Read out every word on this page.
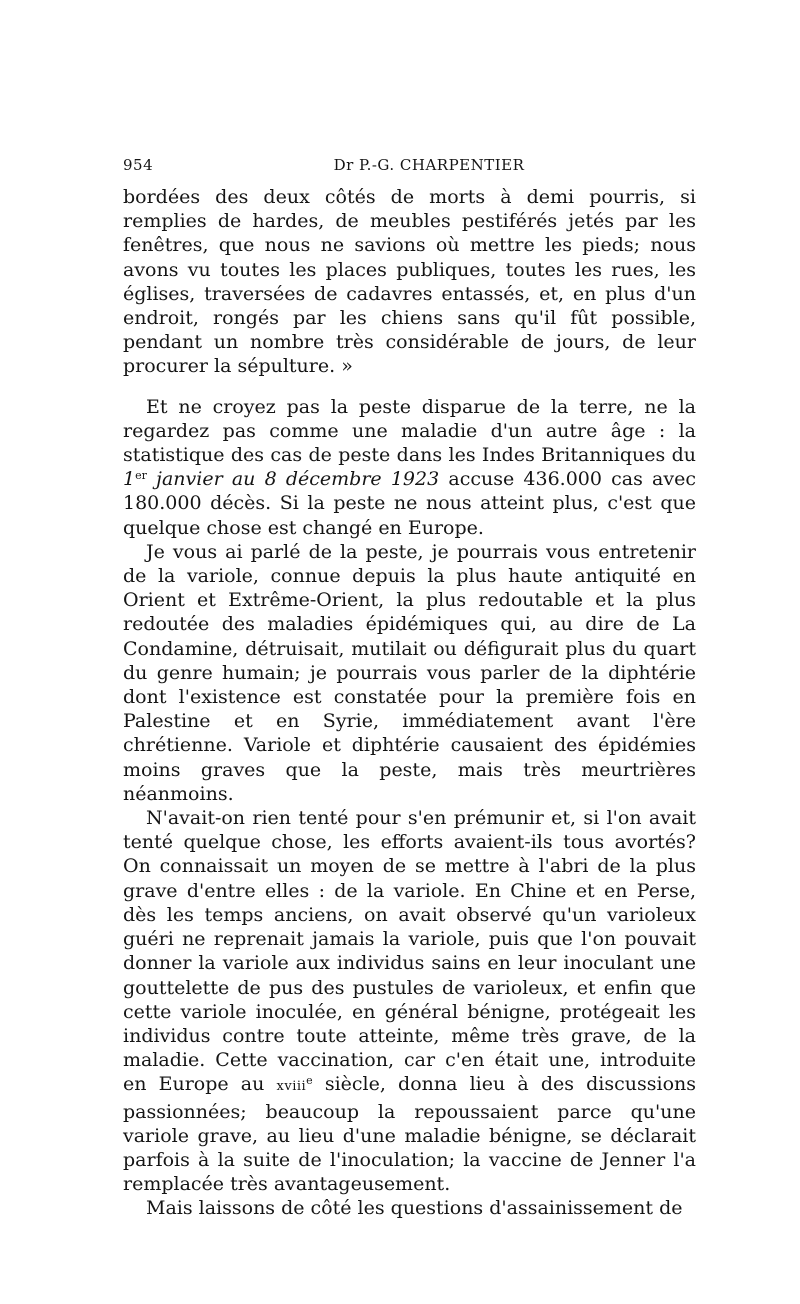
954	Dr P.-G. CHARPENTIER

bordées des deux côtés de morts à demi pourris, si remplies de hardes, de meubles pestiférés jetés par les fenêtres, que nous ne savions où mettre les pieds; nous avons vu toutes les places publiques, toutes les rues, les églises, traversées de cadavres entassés, et, en plus d'un endroit, rongés par les chiens sans qu'il fût possible, pendant un nombre très considérable de jours, de leur procurer la sépulture. »

Et ne croyez pas la peste disparue de la terre, ne la regardez pas comme une maladie d'un autre âge : la statistique des cas de peste dans les Indes Britanniques du 1er janvier au 8 décembre 1923 accuse 436.000 cas avec 180.000 décès. Si la peste ne nous atteint plus, c'est que quelque chose est changé en Europe.

Je vous ai parlé de la peste, je pourrais vous entretenir de la variole, connue depuis la plus haute antiquité en Orient et Extrême-Orient, la plus redoutable et la plus redoutée des maladies épidémiques qui, au dire de La Condamine, détruisait, mutilait ou défigurait plus du quart du genre humain; je pourrais vous parler de la diphtérie dont l'existence est constatée pour la première fois en Palestine et en Syrie, immédiatement avant l'ère chrétienne. Variole et diphtérie causaient des épidémies moins graves que la peste, mais très meurtrières néanmoins.

N'avait-on rien tenté pour s'en prémunir et, si l'on avait tenté quelque chose, les efforts avaient-ils tous avortés? On connaissait un moyen de se mettre à l'abri de la plus grave d'entre elles : de la variole. En Chine et en Perse, dès les temps anciens, on avait observé qu'un varioleux guéri ne reprenait jamais la variole, puis que l'on pouvait donner la variole aux individus sains en leur inoculant une gouttelette de pus des pustules de varioleux, et enfin que cette variole inoculée, en général bénigne, protégeait les individus contre toute atteinte, même très grave, de la maladie. Cette vaccination, car c'en était une, introduite en Europe au xviii$^e$ siècle, donna lieu à des discussions passionnées; beaucoup la repoussaient parce qu'une variole grave, au lieu d'une maladie bénigne, se déclarait parfois à la suite de l'inoculation; la vaccine de Jenner l'a remplacée très avantageusement.

Mais laissons de côté les questions d'assainissement de
